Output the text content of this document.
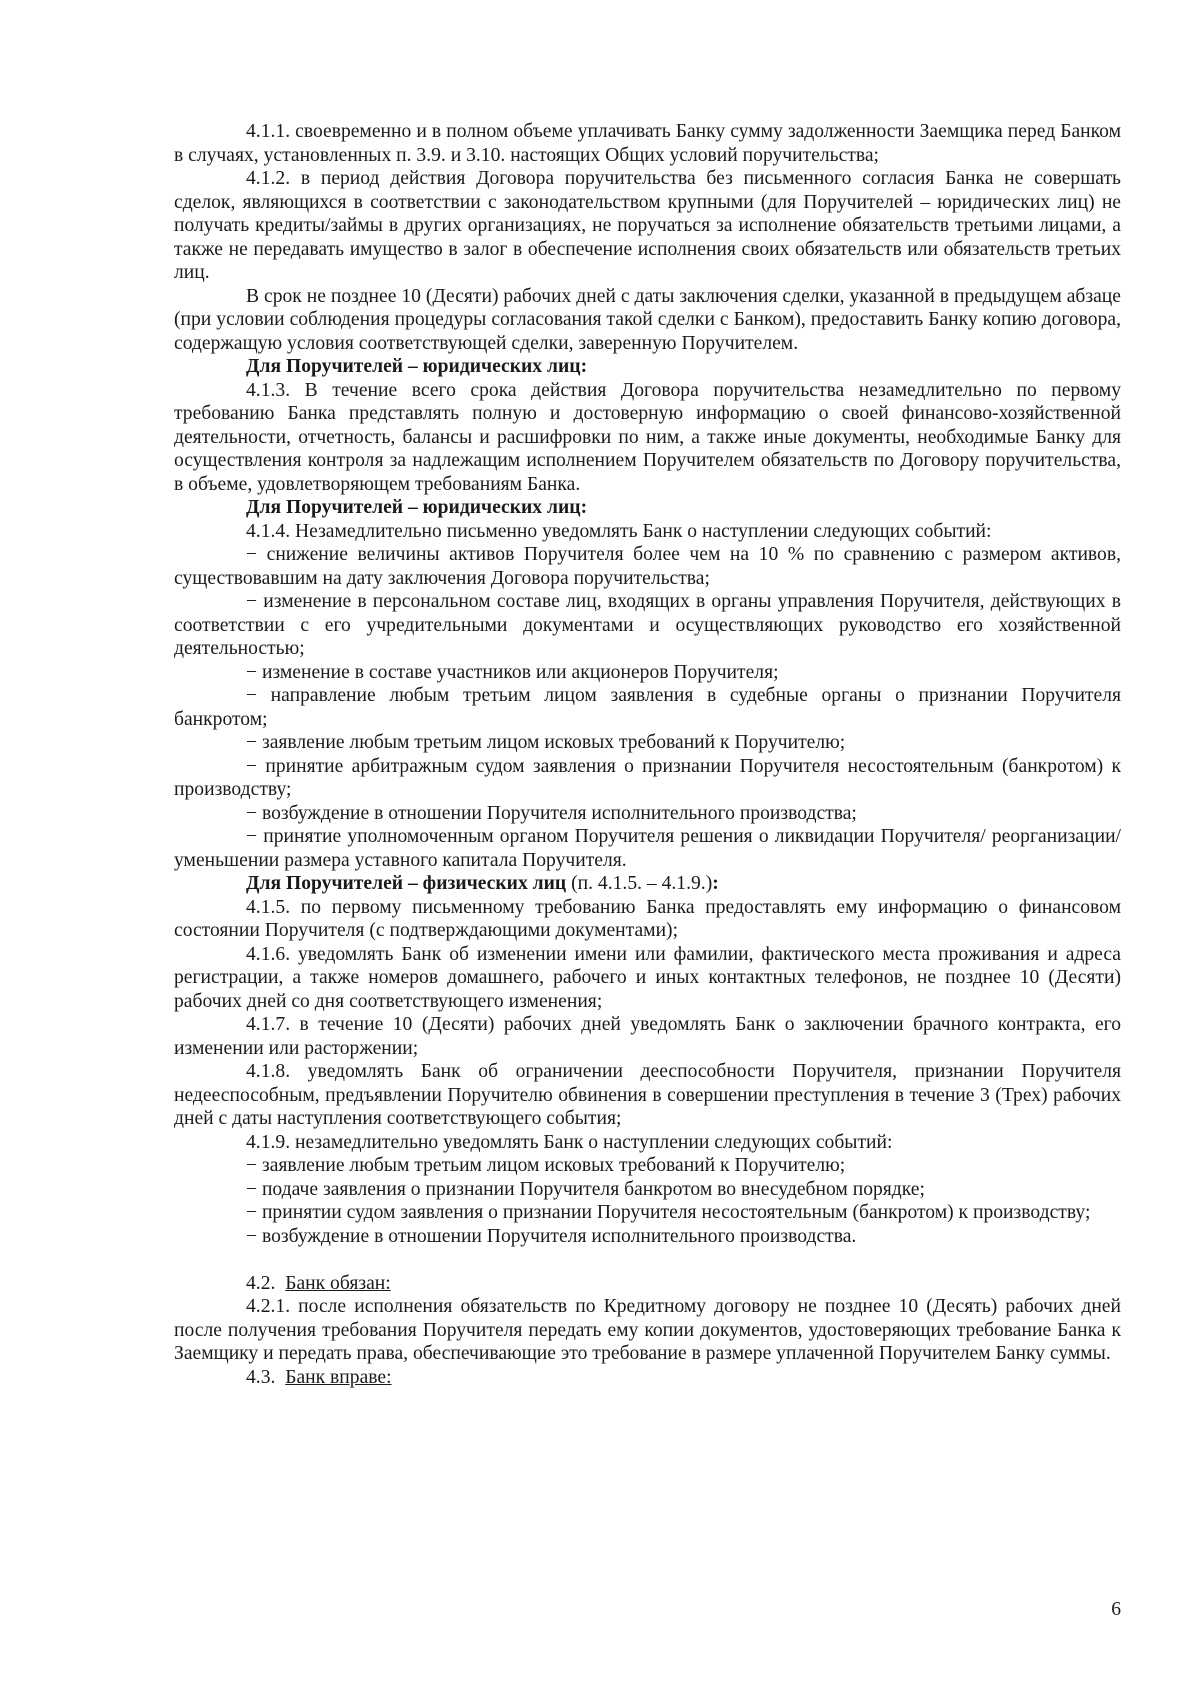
4.1.1. своевременно и в полном объеме уплачивать Банку сумму задолженности Заемщика перед Банком в случаях, установленных п. 3.9. и 3.10. настоящих Общих условий поручительства;

4.1.2. в период действия Договора поручительства без письменного согласия Банка не совершать сделок, являющихся в соответствии с законодательством крупными (для Поручителей – юридических лиц) не получать кредиты/займы в других организациях, не поручаться за исполнение обязательств третьими лицами, а также не передавать имущество в залог в обеспечение исполнения своих обязательств или обязательств третьих лиц.

В срок не позднее 10 (Десяти) рабочих дней с даты заключения сделки, указанной в предыдущем абзаце (при условии соблюдения процедуры согласования такой сделки с Банком), предоставить Банку копию договора, содержащую условия соответствующей сделки, заверенную Поручителем.

Для Поручителей – юридических лиц:

4.1.3. В течение всего срока действия Договора поручительства незамедлительно по первому требованию Банка представлять полную и достоверную информацию о своей финансово-хозяйственной деятельности, отчетность, балансы и расшифровки по ним, а также иные документы, необходимые Банку для осуществления контроля за надлежащим исполнением Поручителем обязательств по Договору поручительства, в объеме, удовлетворяющем требованиям Банка.

Для Поручителей – юридических лиц:

4.1.4. Незамедлительно письменно уведомлять Банк о наступлении следующих событий:

− снижение величины активов Поручителя более чем на 10 % по сравнению с размером активов, существовавшим на дату заключения Договора поручительства;

− изменение в персональном составе лиц, входящих в органы управления Поручителя, действующих в соответствии с его учредительными документами и осуществляющих руководство его хозяйственной деятельностью;

− изменение в составе участников или акционеров Поручителя;

− направление любым третьим лицом заявления в судебные органы о признании Поручителя банкротом;

− заявление любым третьим лицом исковых требований к Поручителю;

− принятие арбитражным судом заявления о признании Поручителя несостоятельным (банкротом) к производству;

− возбуждение в отношении Поручителя исполнительного производства;

− принятие уполномоченным органом Поручителя решения о ликвидации Поручителя/ реорганизации/ уменьшении размера уставного капитала Поручителя.

Для Поручителей – физических лиц (п. 4.1.5. – 4.1.9.):

4.1.5. по первому письменному требованию Банка предоставлять ему информацию о финансовом состоянии Поручителя (с подтверждающими документами);

4.1.6. уведомлять Банк об изменении имени или фамилии, фактического места проживания и адреса регистрации, а также номеров домашнего, рабочего и иных контактных телефонов, не позднее 10 (Десяти) рабочих дней со дня соответствующего изменения;

4.1.7. в течение 10 (Десяти) рабочих дней уведомлять Банк о заключении брачного контракта, его изменении или расторжении;

4.1.8. уведомлять Банк об ограничении дееспособности Поручителя, признании Поручителя недееспособным, предъявлении Поручителю обвинения в совершении преступления в течение 3 (Трех) рабочих дней с даты наступления соответствующего события;

4.1.9. незамедлительно уведомлять Банк о наступлении следующих событий:

− заявление любым третьим лицом исковых требований к Поручителю;

− подаче заявления о признании Поручителя банкротом во внесудебном порядке;

− принятии судом заявления о признании Поручителя несостоятельным (банкротом) к производству;

− возбуждение в отношении Поручителя исполнительного производства.

4.2. Банк обязан:

4.2.1. после исполнения обязательств по Кредитному договору не позднее 10 (Десять) рабочих дней после получения требования Поручителя передать ему копии документов, удостоверяющих требование Банка к Заемщику и передать права, обеспечивающие это требование в размере уплаченной Поручителем Банку суммы.

4.3. Банк вправе:

6
